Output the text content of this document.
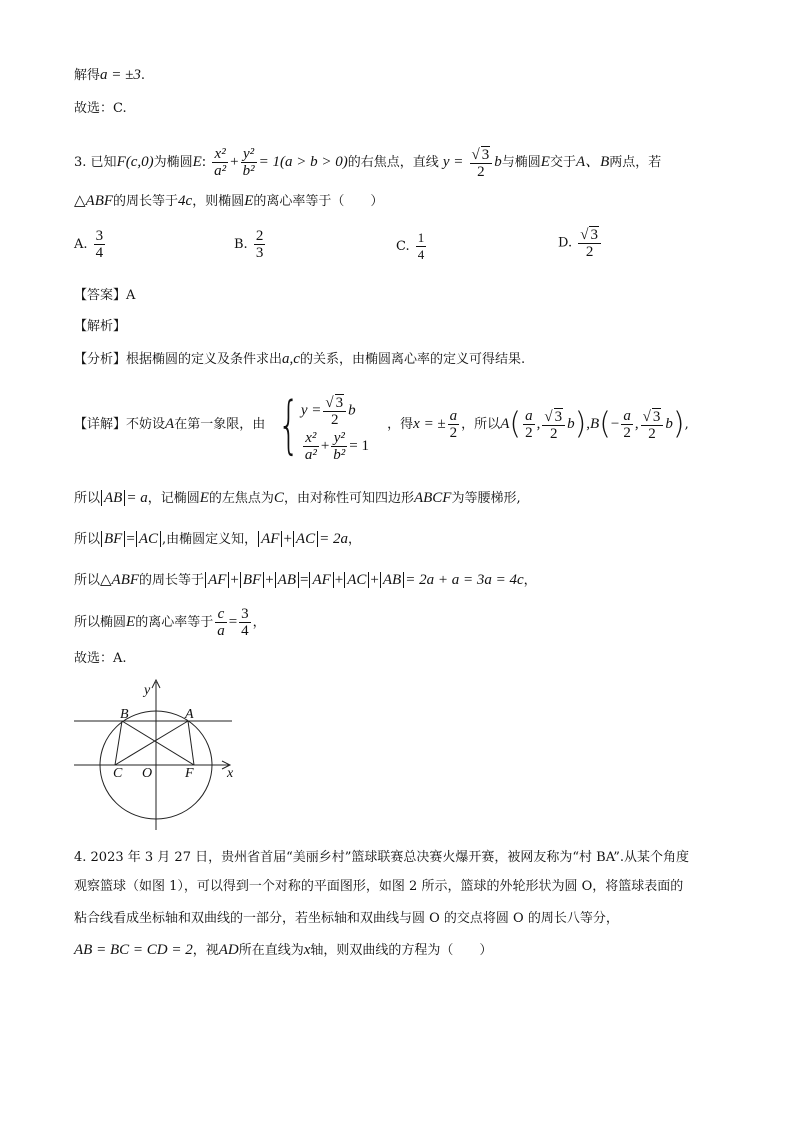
解得a = ±3.
故选：C.
3. 已知F(c,0)为椭圆E: $\frac{\text{x²}}{\text{a²}} + \frac{\text{y²}}{\text{b²}} = 1(a > b > 0)$的右焦点，直线 $y = \frac{√ 3}{2}$ b与椭圆E交于A、B两点，若
△ABF的周长等于4c，则椭圆E的离心率等于（　　）
A. $\frac{3}{4}$	B. $\frac{2}{3}$	C. $\frac{1}{4}$	D. $\frac{√ 3}{2}$
【答案】A
【解析】
【分析】根据椭圆的定义及条件求出a,c的关系，由椭圆离心率的定义可得结果.
【详解】不妨设A在第一象限，由 { $y = \frac{√ 3}{2}$ b
$\frac{\text{x²}}{\text{a²}} + \frac{\text{y²}}{\text{b²}} = 1$
，得x = ± $\frac{a}{2}$ ，所以$A( \frac{a}{2}$ , $\frac{√ 3}{2} b),B(- \frac{a}{2}$ , $\frac{√ 3}{2} b$),
所以 AB = a，记椭圆E的左焦点为C，由对称性可知四边形ABCF为等腰梯形,
所以 BF = AC ,由椭圆定义知， AF + AC = 2a，
所以△ABF的周长等于 AF + BF + AB = AF + AC + AB = 2a + a = 3a = 4c，
所以椭圆E的离心率等于 $\frac{c}{a} = \frac{3}{4}$ ，
故选：A.
y
x
A
B
C O F
4. 2023 年 3 月 27 日，贵州省首届“美丽乡村”篮球联赛总决赛火爆开赛，被网友称为“村 BA”.从某个角度
观察篮球（如图 1），可以得到一个对称的平面图形，如图 2 所示，篮球的外轮形状为圆 O，将篮球表面的
粘合线看成坐标轴和双曲线的一部分，若坐标轴和双曲线与圆 O 的交点将圆 O 的周长八等分，
AB = BC = CD = 2，视AD所在直线为x轴，则双曲线的方程为（　　）
